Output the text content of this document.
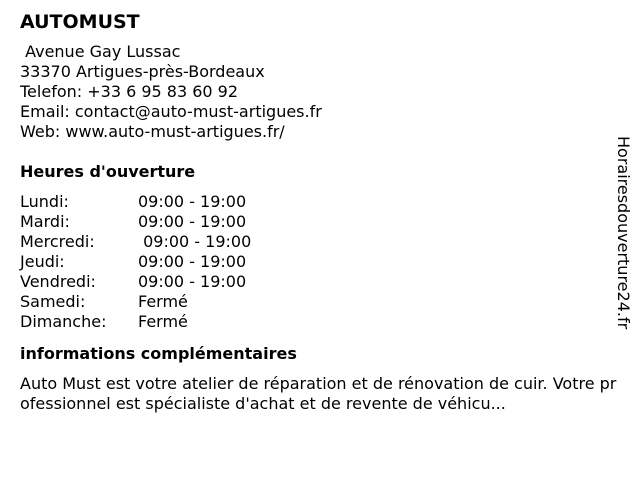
AUTOMUST
Avenue Gay Lussac
33370 Artigues-près-Bordeaux
Telefon: +33 6 95 83 60 92
Email: contact@auto-must-artigues.fr
Web: www.auto-must-artigues.fr/
Heures d'ouverture
Lundi:	09:00 - 19:00
Mardi:	09:00 - 19:00
Mercredi:	09:00 - 19:00
Jeudi:	09:00 - 19:00
Vendredi:	09:00 - 19:00
Samedi:	Fermé
Dimanche:	Fermé
informations complémentaires

Auto Must est votre atelier de réparation et de rénovation de cuir. Votre professionnel est spécialiste d'achat et de revente de véhicu...

Horairesdouverture24.fr
